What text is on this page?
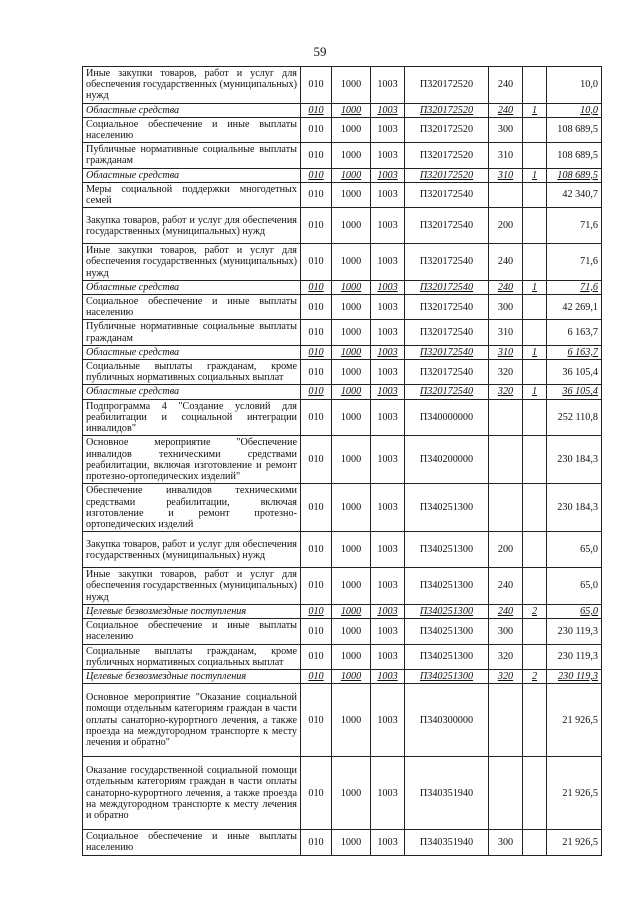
59
Иные закупки товаров, работ и услуг для обеспечения государственных (муниципальных) нужд	010	1000	1003	П320172520	240		10,0
Областные средства	010	1000	1003	П320172520	240	1	10,0
Социальное обеспечение и иные выплаты населению	010	1000	1003	П320172520	300		108 689,5
Публичные нормативные социальные выплаты гражданам	010	1000	1003	П320172520	310		108 689,5
Областные средства	010	1000	1003	П320172520	310	1	108 689,5
Меры социальной поддержки многодетных семей	010	1000	1003	П320172540			42 340,7
Закупка товаров, работ и услуг для обеспечения государственных (муниципальных) нужд	010	1000	1003	П320172540	200		71,6
Иные закупки товаров, работ и услуг для обеспечения государственных (муниципальных) нужд	010	1000	1003	П320172540	240		71,6
Областные средства	010	1000	1003	П320172540	240	1	71,6
Социальное обеспечение и иные выплаты населению	010	1000	1003	П320172540	300		42 269,1
Публичные нормативные социальные выплаты гражданам	010	1000	1003	П320172540	310		6 163,7
Областные средства	010	1000	1003	П320172540	310	1	6 163,7
Социальные выплаты гражданам, кроме публичных нормативных социальных выплат	010	1000	1003	П320172540	320		36 105,4
Областные средства	010	1000	1003	П320172540	320	1	36 105,4
Подпрограмма 4 "Создание условий для реабилитации и социальной интеграции инвалидов"	010	1000	1003	П340000000			252 110,8
Основное мероприятие "Обеспечение инвалидов техническими средствами реабилитации, включая изготовление и ремонт протезно-ортопедических изделий"	010	1000	1003	П340200000			230 184,3
Обеспечение инвалидов техническими средствами реабилитации, включая изготовление и ремонт протезно-ортопедических изделий	010	1000	1003	П340251300			230 184,3
Закупка товаров, работ и услуг для обеспечения государственных (муниципальных) нужд	010	1000	1003	П340251300	200		65,0
Иные закупки товаров, работ и услуг для обеспечения государственных (муниципальных) нужд	010	1000	1003	П340251300	240		65,0
Целевые безвозмездные поступления	010	1000	1003	П340251300	240	2	65,0
Социальное обеспечение и иные выплаты населению	010	1000	1003	П340251300	300		230 119,3
Социальные выплаты гражданам, кроме публичных нормативных социальных выплат	010	1000	1003	П340251300	320		230 119,3
Целевые безвозмездные поступления	010	1000	1003	П340251300	320	2	230 119,3
Основное мероприятие "Оказание социальной помощи отдельным категориям граждан в части оплаты санаторно-курортного лечения, а также проезда на междугородном транспорте к месту лечения и обратно"	010	1000	1003	П340300000			21 926,5
Оказание государственной социальной помощи отдельным категориям граждан в части оплаты санаторно-курортного лечения, а также проезда на междугородном транспорте к месту лечения и обратно	010	1000	1003	П340351940			21 926,5
Социальное обеспечение и иные выплаты населению	010	1000	1003	П340351940	300		21 926,5
